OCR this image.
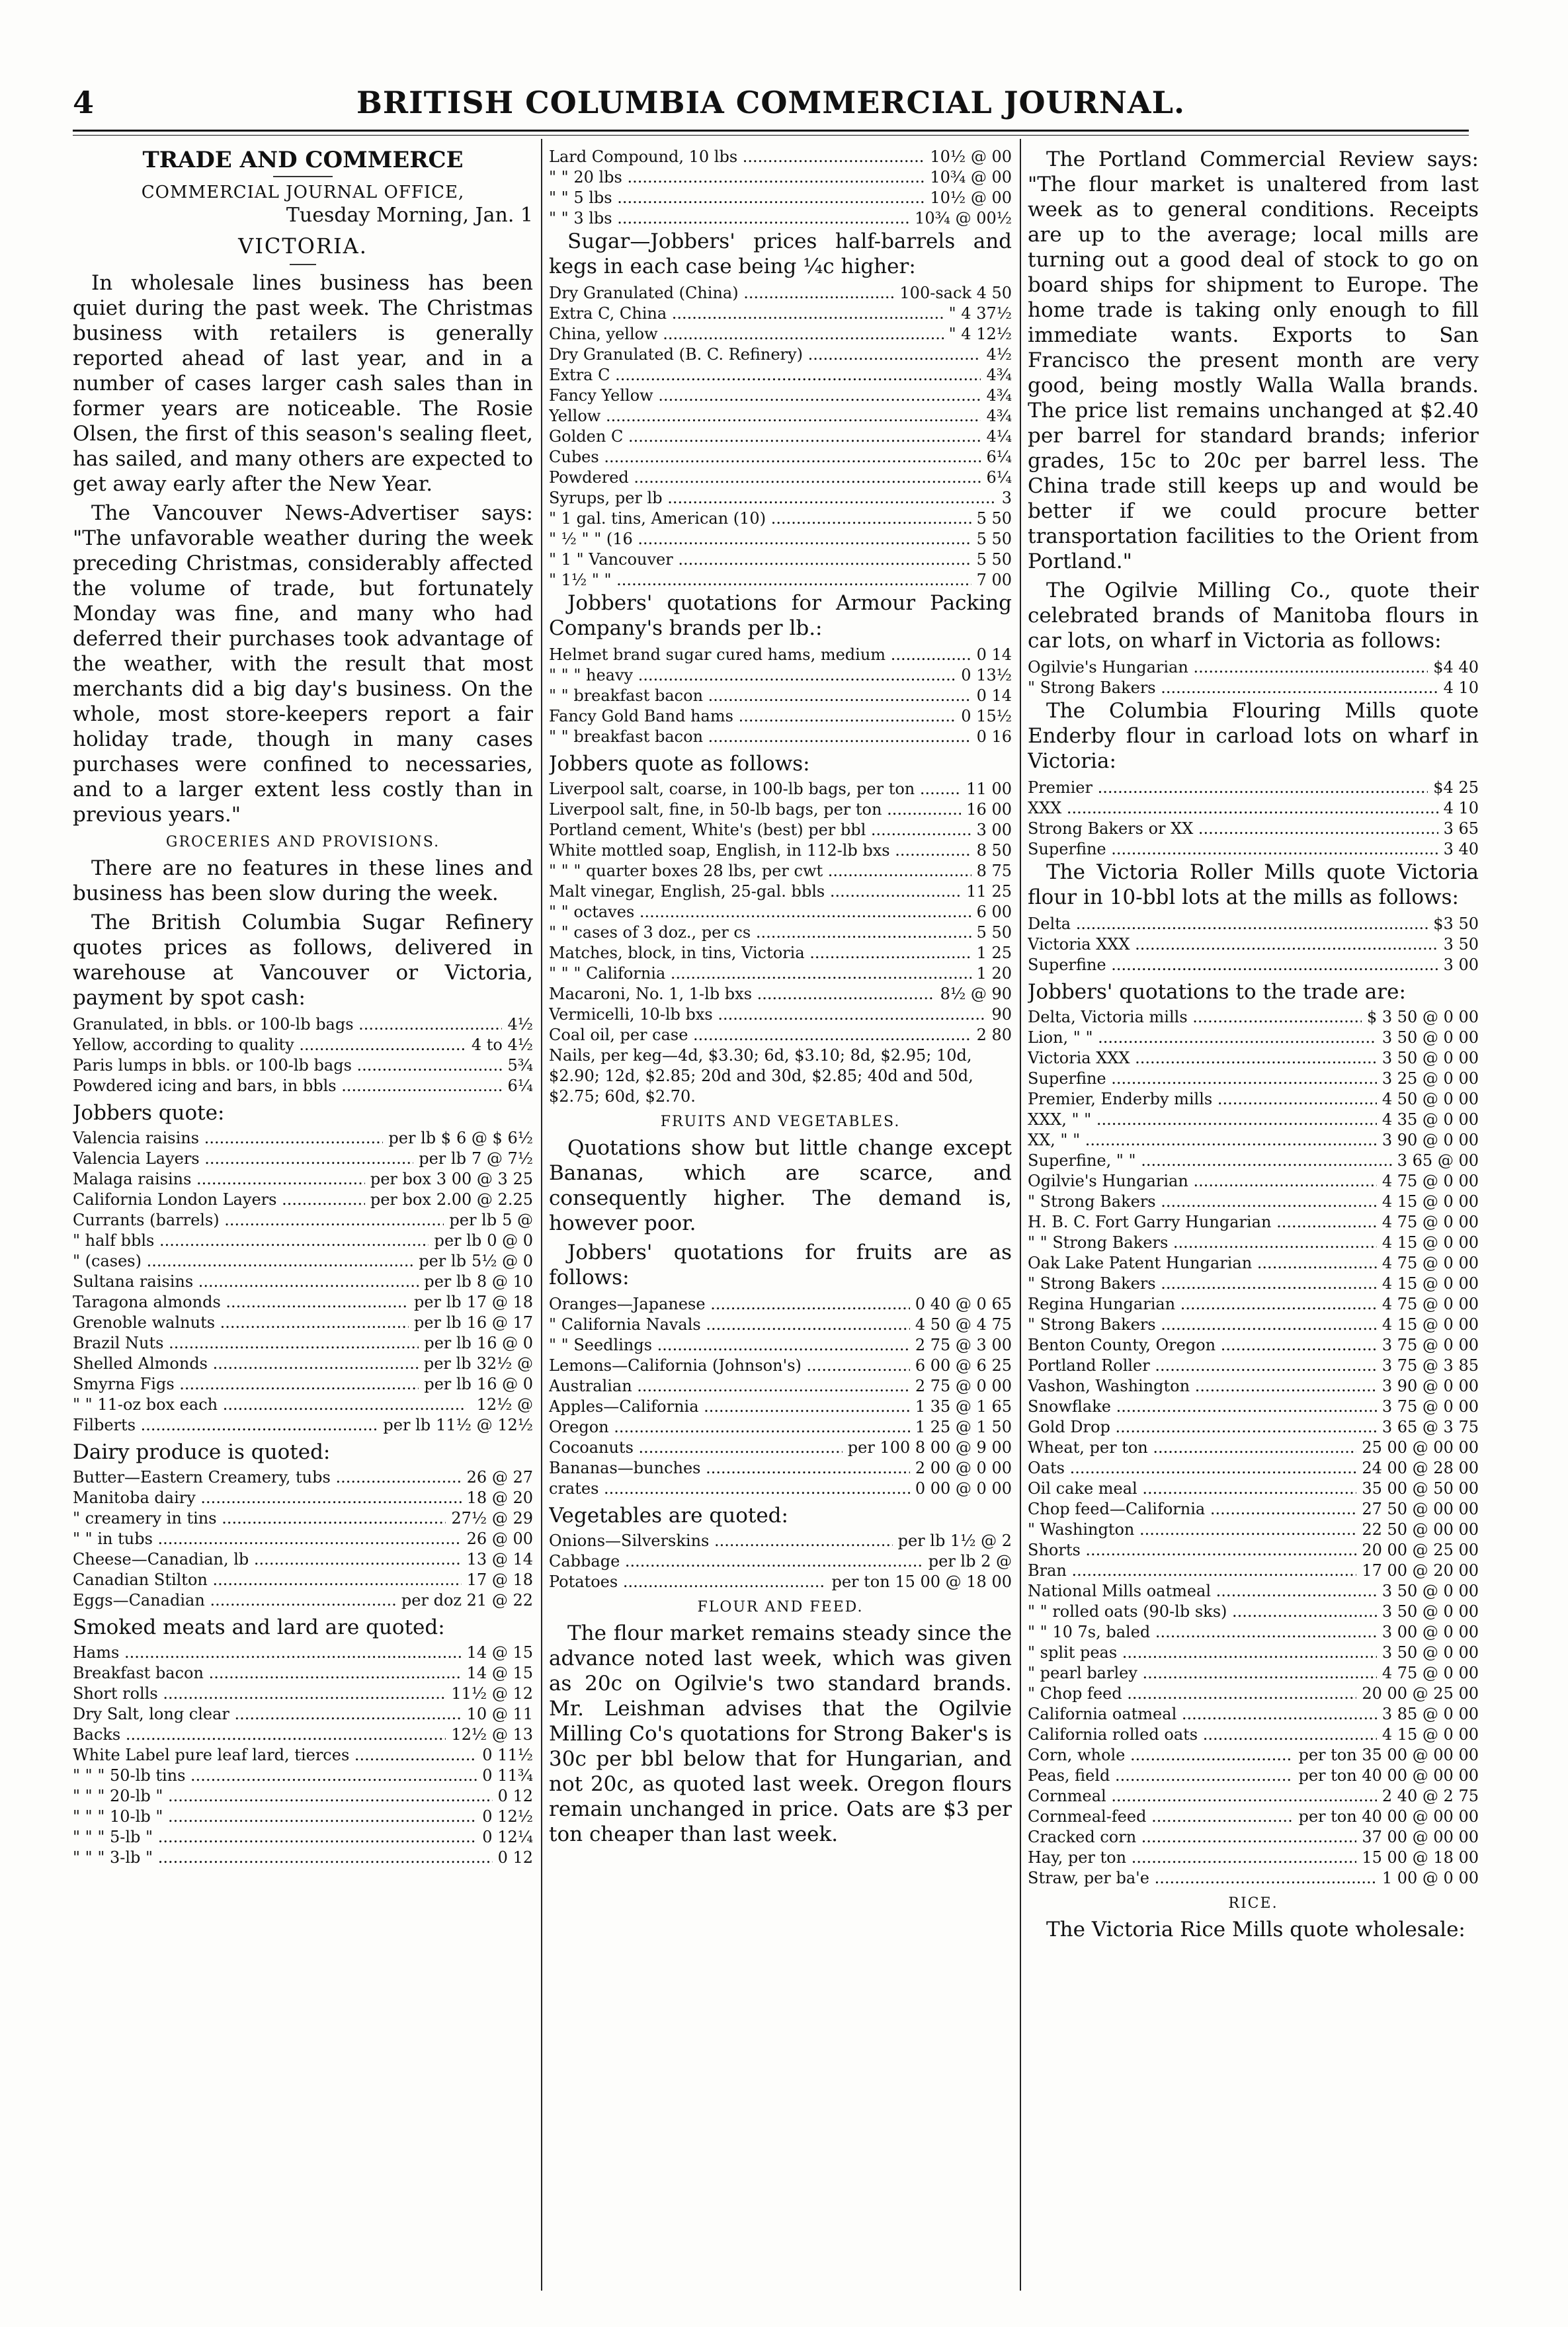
4	BRITISH COLUMBIA COMMERCIAL JOURNAL.
TRADE AND COMMERCE
COMMERCIAL JOURNAL OFFICE,
Tuesday Morning, Jan. 1
VICTORIA.

In wholesale lines business has been quiet during the past week. The Christmas business with retailers is generally reported ahead of last year, and in a number of cases larger cash sales than in former years are noticeable. The Rosie Olsen, the first of this season's sealing fleet, has sailed, and many others are expected to get away early after the New Year.

The Vancouver News-Advertiser says: "The unfavorable weather during the week preceding Christmas, considerably affected the volume of trade, but fortunately Monday was fine, and many who had deferred their purchases took advantage of the weather, with the result that most merchants did a big day's business. On the whole, most store-keepers report a fair holiday trade, though in many cases purchases were confined to necessaries, and to a larger extent less costly than in previous years."

GROCERIES AND PROVISIONS.

There are no features in these lines and business has been slow during the week.

The British Columbia Sugar Refinery quotes prices as follows, delivered in warehouse at Vancouver or Victoria, payment by spot cash:

Granulated, in bbls. or 100-lb bags .....	4½
Yellow, according to quality .....	4 to 4½
Paris lumps in bbls. or 100-lb bags .....	5¾
Powdered icing and bars, in bbls .....	6¼
Jobbers quote:
Valencia raisins .....	per lb $ 6 @ $ 6½
Valencia Layers .....	per lb 7 @ 7½
Malaga raisins .....	per box 3 00 @ 3 25
California London Layers .....	per box 2.00 @ 2.25
Currants (barrels) .....	per lb 5 @
" half bbls .....	per lb 0 @ 0
" (cases) .....	per lb 5½ @ 0
Sultana raisins .....	per lb 8 @ 10
Taragona almonds .....	per lb 17 @ 18
Grenoble walnuts .....	per lb 16 @ 17
Brazil Nuts .....	per lb 16 @ 0
Shelled Almonds .....	per lb 32½ @
Smyrna Figs .....	per lb 16 @ 0
" " 11-oz box each .....	12½ @
Filberts .....	per lb 11½ @ 12½
Dairy produce is quoted:
Butter—Eastern Creamery, tubs .....	26 @ 27
Manitoba dairy .....	18 @ 20
" creamery in tins .....	27½ @ 29
" " in tubs .....	26 @ 00
Cheese—Canadian, lb .....	13 @ 14
Canadian Stilton .....	17 @ 18
Eggs—Canadian .....	per doz 21 @ 22
Smoked meats and lard are quoted:
Hams .....	14 @ 15
Breakfast bacon .....	14 @ 15
Short rolls .....	11½ @ 12
Dry Salt, long clear .....	10 @ 11
Backs .....	12½ @ 13
White Label pure leaf lard, tierces .....	0 11½
" " " 50-lb tins .....	0 11¾
" " " 20-lb " .....	0 12
" " " 10-lb " .....	0 12½
" " " 5-lb " .....	0 12¼
" " " 3-lb " .....	0 12
Lard Compound, 10 lbs .....	10½ @ 00
" " 20 lbs .....	10¾ @ 00
" " 5 lbs .....	10½ @ 00
" " 3 lbs .....	10¾ @ 00½

Sugar—Jobbers' prices half-barrels and kegs in each case being ¼c higher:

Dry Granulated (China) .....	100-sack 4 50
Extra C, China .....	" 4 37½
China, yellow .....	" 4 12½
Dry Granulated (B. C. Refinery) .....	4½
Extra C .....	4¾
Fancy Yellow .....	4¾
Yellow .....	4¾
Golden C .....	4¼
Cubes .....	6¼
Powdered .....	6¼
Syrups, per lb .....	3
" 1 gal. tins, American (10) .....	5 50
" ½ " " (16 .....	5 50
" 1 " Vancouver .....	5 50
" 1½ " " .....	7 00

Jobbers' quotations for Armour Packing Company's brands per lb.:

Helmet brand sugar cured hams, medium .....	0 14
" " " heavy .....	0 13½
" " breakfast bacon .....	0 14
Fancy Gold Band hams .....	0 15½
" " breakfast bacon .....	0 16
Jobbers quote as follows:
Liverpool salt, coarse, in 100-lb bags, per ton .....	11 00
Liverpool salt, fine, in 50-lb bags, per ton .....	16 00
Portland cement, White's (best) per bbl .....	3 00
White mottled soap, English, in 112-lb bxs .....	8 50
" " " quarter boxes 28 lbs, per cwt .....	8 75
Malt vinegar, English, 25-gal. bbls .....	11 25
" " octaves .....	6 00
" " cases of 3 doz., per cs .....	5 50
Matches, block, in tins, Victoria .....	1 25
" " " California .....	1 20
Macaroni, No. 1, 1-lb bxs .....	8½ @ 90
Vermicelli, 10-lb bxs .....	90
Coal oil, per case .....	2 80
Nails, per keg—4d, $3.30; 6d, $3.10; 8d, $2.95; 10d, $2.90; 12d, $2.85; 20d and 30d, $2.85; 40d and 50d, $2.75; 60d, $2.70.
FRUITS AND VEGETABLES.

Quotations show but little change except Bananas, which are scarce, and consequently higher. The demand is, however poor.

Jobbers' quotations for fruits are as follows:

Oranges—Japanese .....	0 40 @ 0 65
" California Navals .....	4 50 @ 4 75
" " Seedlings .....	2 75 @ 3 00
Lemons—California (Johnson's) .....	6 00 @ 6 25
Australian .....	2 75 @ 0 00
Apples—California .....	1 35 @ 1 65
Oregon .....	1 25 @ 1 50
Cocoanuts .....	per 100 8 00 @ 9 00
Bananas—bunches .....	2 00 @ 0 00
crates .....	0 00 @ 0 00
Vegetables are quoted:
Onions—Silverskins .....	per lb 1½ @ 2
Cabbage .....	per lb 2 @
Potatoes .....	per ton 15 00 @ 18 00
FLOUR AND FEED.

The flour market remains steady since the advance noted last week, which was given as 20c on Ogilvie's two standard brands. Mr. Leishman advises that the Ogilvie Milling Co's quotations for Strong Baker's is 30c per bbl below that for Hungarian, and not 20c, as quoted last week. Oregon flours remain unchanged in price. Oats are $3 per ton cheaper than last week.

The Portland Commercial Review says: "The flour market is unaltered from last week as to general conditions. Receipts are up to the average; local mills are turning out a good deal of stock to go on board ships for shipment to Europe. The home trade is taking only enough to fill immediate wants. Exports to San Francisco the present month are very good, being mostly Walla Walla brands. The price list remains unchanged at $2.40 per barrel for standard brands; inferior grades, 15c to 20c per barrel less. The China trade still keeps up and would be better if we could procure better transportation facilities to the Orient from Portland."

The Ogilvie Milling Co., quote their celebrated brands of Manitoba flours in car lots, on wharf in Victoria as follows:

Ogilvie's Hungarian .....	$4 40
" Strong Bakers .....	4 10

The Columbia Flouring Mills quote Enderby flour in carload lots on wharf in Victoria:

Premier .....	$4 25
XXX .....	4 10
Strong Bakers or XX .....	3 65
Superfine .....	3 40

The Victoria Roller Mills quote Victoria flour in 10-bbl lots at the mills as follows:

Delta .....	$3 50
Victoria XXX .....	3 50
Superfine .....	3 00
Jobbers' quotations to the trade are:
Delta, Victoria mills .....	$ 3 50 @ 0 00
Lion, " " .....	3 50 @ 0 00
Victoria XXX .....	3 50 @ 0 00
Superfine .....	3 25 @ 0 00
Premier, Enderby mills .....	4 50 @ 0 00
XXX, " " .....	4 35 @ 0 00
XX, " " .....	3 90 @ 0 00
Superfine, " " .....	3 65 @ 00
Ogilvie's Hungarian .....	4 75 @ 0 00
" Strong Bakers .....	4 15 @ 0 00
H. B. C. Fort Garry Hungarian .....	4 75 @ 0 00
" " Strong Bakers .....	4 15 @ 0 00
Oak Lake Patent Hungarian .....	4 75 @ 0 00
" Strong Bakers .....	4 15 @ 0 00
Regina Hungarian .....	4 75 @ 0 00
" Strong Bakers .....	4 15 @ 0 00
Benton County, Oregon .....	3 75 @ 0 00
Portland Roller .....	3 75 @ 3 85
Vashon, Washington .....	3 90 @ 0 00
Snowflake .....	3 75 @ 0 00
Gold Drop .....	3 65 @ 3 75
Wheat, per ton .....	25 00 @ 00 00
Oats .....	24 00 @ 28 00
Oil cake meal .....	35 00 @ 50 00
Chop feed—California .....	27 50 @ 00 00
" Washington .....	22 50 @ 00 00
Shorts .....	20 00 @ 25 00
Bran .....	17 00 @ 20 00
National Mills oatmeal .....	3 50 @ 0 00
" " rolled oats (90-lb sks) .....	3 50 @ 0 00
" " 10 7s, baled .....	3 00 @ 0 00
" split peas .....	3 50 @ 0 00
" pearl barley .....	4 75 @ 0 00
" Chop feed .....	20 00 @ 25 00
California oatmeal .....	3 85 @ 0 00
California rolled oats .....	4 15 @ 0 00
Corn, whole .....	per ton 35 00 @ 00 00
Peas, field .....	per ton 40 00 @ 00 00
Cornmeal .....	2 40 @ 2 75
Cornmeal-feed .....	per ton 40 00 @ 00 00
Cracked corn .....	37 00 @ 00 00
Hay, per ton .....	15 00 @ 18 00
Straw, per ba'e .....	1 00 @ 0 00
RICE.

The Victoria Rice Mills quote wholesale:
